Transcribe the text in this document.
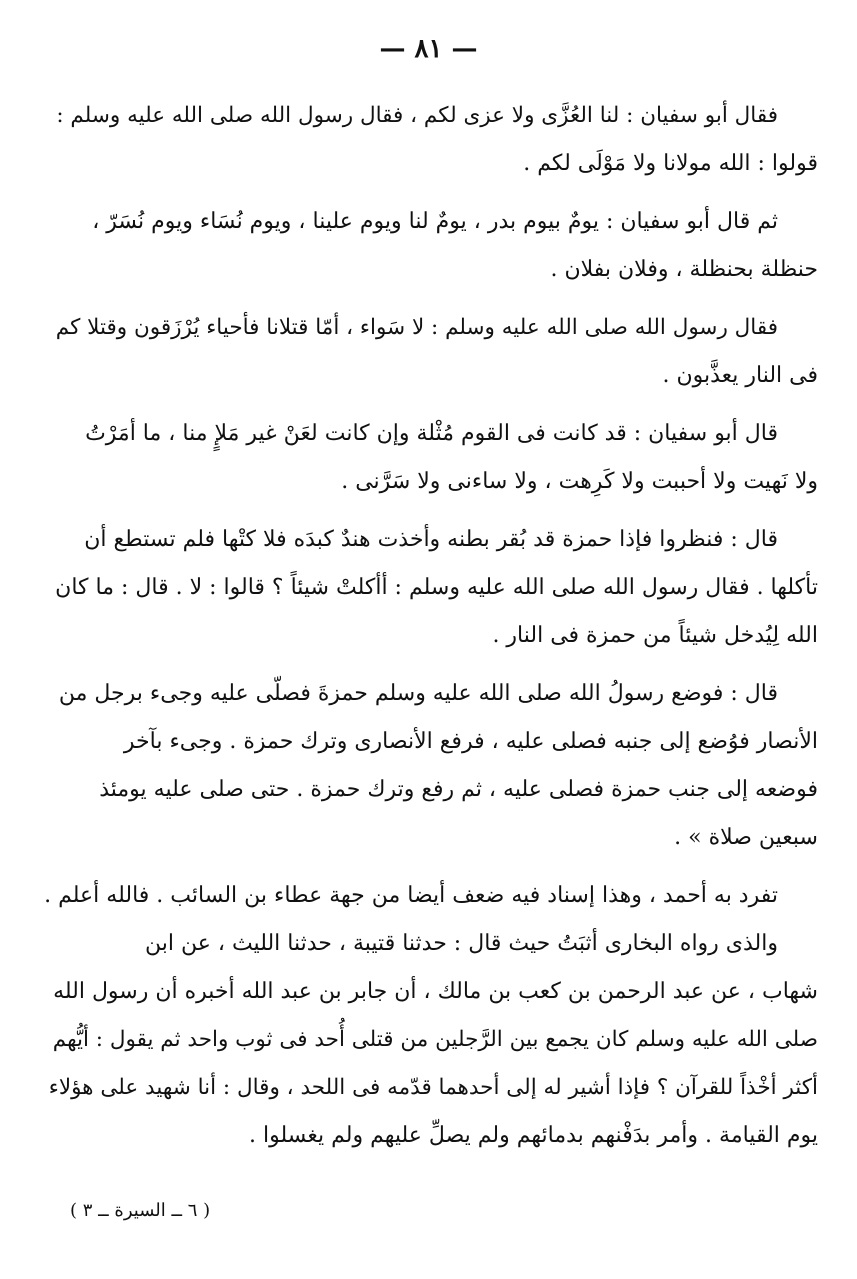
— ٨١ —
فقال أبو سفيان : لنا العُزَّى ولا عزى لكم ، فقال رسول الله صلى الله عليه وسلم :
قولوا : الله مولانا ولا مَوْلَى لكم .
ثم قال أبو سفيان : يومٌ بيوم بدر ، يومٌ لنا ويوم علينا ، ويوم نُسَاء ويوم نُسَرّ ،
حنظلة بحنظلة ، وفلان بفلان .
فقال رسول الله صلى الله عليه وسلم : لا سَواء ، أمّا قتلانا فأحياء يُرْزَقون وقتلا كم
فى النار يعذَّبون .
قال أبو سفيان : قد كانت فى القوم مُثْلة وإن كانت لعَنْ غير مَلإٍ منا ، ما أمَرْتُ
ولا نَهيت ولا أحببت ولا كَرِهت ، ولا ساءنى ولا سَرَّنى .
قال : فنظروا فإذا حمزة قد بُقر بطنه وأخذت هندٌ كبدَه فلا كتْها فلم تستطع أن
تأكلها . فقال رسول الله صلى الله عليه وسلم : أأكلتْ شيئاً ؟ قالوا : لا . قال : ما كان
الله لِيُدخل شيئاً من حمزة فى النار .
قال : فوضع رسولُ الله صلى الله عليه وسلم حمزةَ فصلّى عليه وجىء برجل من
الأنصار فوُضع إلى جنبه فصلى عليه ، فرفع الأنصارى وترك حمزة . وجىء بآخر
فوضعه إلى جنب حمزة فصلى عليه ، ثم رفع وترك حمزة . حتى صلى عليه يومئذ
سبعين صلاة » .
تفرد به أحمد ، وهذا إسناد فيه ضعف أيضا من جهة عطاء بن السائب . فالله أعلم .
والذى رواه البخارى أثبَتُ حيث قال : حدثنا قتيبة ، حدثنا الليث ، عن ابن
شهاب ، عن عبد الرحمن بن كعب بن مالك ، أن جابر بن عبد الله أخبره أن رسول الله
صلى الله عليه وسلم كان يجمع بين الرَّجلين من قتلى أُحد فى ثوب واحد ثم يقول : أيُّهم
أكثر أخْذاً للقرآن ؟ فإذا أشير له إلى أحدهما قدّمه فى اللحد ، وقال : أنا شهيد على هؤلاء
يوم القيامة . وأمر بدَفْنهم بدمائهم ولم يصلِّ عليهم ولم يغسلوا .
( ٦ ــ السيرة ــ ٣ )
